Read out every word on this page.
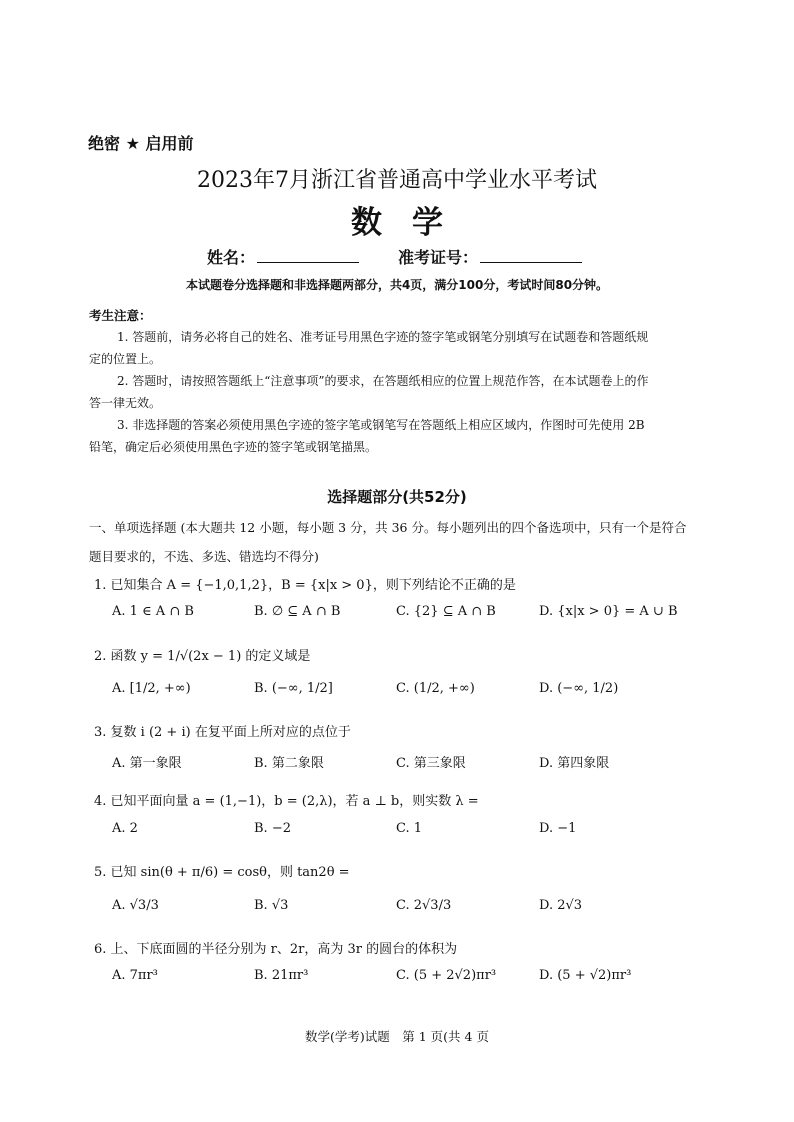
绝密 ★ 启用前
2023年7月浙江省普通高中学业水平考试
数学
姓名：	准考证号：
本试题卷分选择题和非选择题两部分，共4页，满分100分，考试时间80分钟。
考生注意：
1. 答题前，请务必将自己的姓名、准考证号用黑色字迹的签字笔或钢笔分别填写在试题卷和答题纸规
定的位置上。
2. 答题时，请按照答题纸上“注意事项”的要求，在答题纸相应的位置上规范作答，在本试题卷上的作
答一律无效。
3. 非选择题的答案必须使用黑色字迹的签字笔或钢笔写在答题纸上相应区域内，作图时可先使用 2B
铅笔，确定后必须使用黑色字迹的签字笔或钢笔描黑。
选择题部分(共52分)
一、单项选择题 (本大题共 12 小题，每小题 3 分，共 36 分。每小题列出的四个备选项中，只有一个是符合
题目要求的，不选、多选、错选均不得分)
1. 已知集合 A = {−1,0,1,2}，B = {x|x > 0}，则下列结论不正确的是
A. 1 ∈ A ∩ B	B. ∅ ⊆ A ∩ B	C. {2} ⊆ A ∩ B	D. {x|x > 0} = A ∪ B
2. 函数 y = 1/√(2x − 1) 的定义域是
A. [1/2, +∞)	B. (−∞, 1/2]	C. (1/2, +∞)	D. (−∞, 1/2)
3. 复数 i (2 + i) 在复平面上所对应的点位于
A. 第一象限	B. 第二象限	C. 第三象限	D. 第四象限
4. 已知平面向量 a = (1,−1)，b = (2,λ)，若 a ⊥ b，则实数 λ =
A. 2	B. −2	C. 1	D. −1
5. 已知 sin(θ + π/6) = cosθ，则 tan2θ =
A. √3/3	B. √3	C. 2√3/3	D. 2√3
6. 上、下底面圆的半径分别为 r、2r，高为 3r 的圆台的体积为
A. 7πr³	B. 21πr³	C. (5 + 2√2)πr³	D. (5 + √2)πr³
数学(学考)试题　第 1 页(共 4 页
